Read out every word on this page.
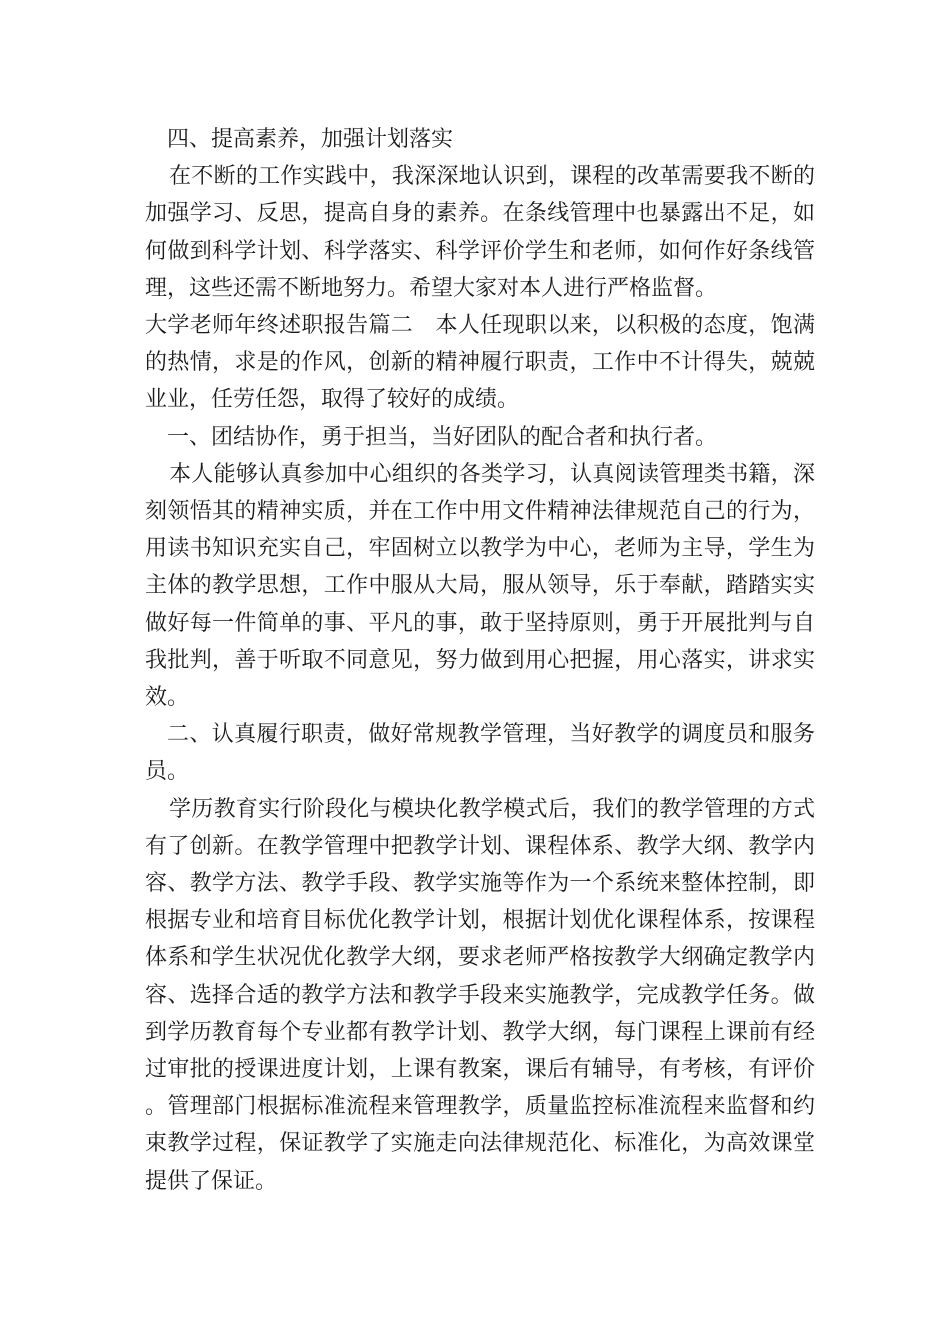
四、提高素养，加强计划落实

在不断的工作实践中，我深深地认识到，课程的改革需要我不断的加强学习、反思，提高自身的素养。在条线管理中也暴露出不足，如何做到科学计划、科学落实、科学评价学生和老师，如何作好条线管理，这些还需不断地努力。希望大家对本人进行严格监督。

大学老师年终述职报告篇二　本人任现职以来，以积极的态度，饱满的热情，求是的作风，创新的精神履行职责，工作中不计得失，兢兢业业，任劳任怨，取得了较好的成绩。

一、团结协作，勇于担当，当好团队的配合者和执行者。

本人能够认真参加中心组织的各类学习，认真阅读管理类书籍，深刻领悟其的精神实质，并在工作中用文件精神法律规范自己的行为，用读书知识充实自己，牢固树立以教学为中心，老师为主导，学生为主体的教学思想，工作中服从大局，服从领导，乐于奉献，踏踏实实做好每一件简单的事、平凡的事，敢于坚持原则，勇于开展批判与自我批判，善于听取不同意见，努力做到用心把握，用心落实，讲求实效。

二、认真履行职责，做好常规教学管理，当好教学的调度员和服务员。

学历教育实行阶段化与模块化教学模式后，我们的教学管理的方式有了创新。在教学管理中把教学计划、课程体系、教学大纲、教学内容、教学方法、教学手段、教学实施等作为一个系统来整体控制，即根据专业和培育目标优化教学计划，根据计划优化课程体系，按课程体系和学生状况优化教学大纲，要求老师严格按教学大纲确定教学内容、选择合适的教学方法和教学手段来实施教学，完成教学任务。做到学历教育每个专业都有教学计划、教学大纲，每门课程上课前有经过审批的授课进度计划，上课有教案，课后有辅导，有考核，有评价。管理部门根据标准流程来管理教学，质量监控标准流程来监督和约束教学过程，保证教学了实施走向法律规范化、标准化，为高效课堂提供了保证。
